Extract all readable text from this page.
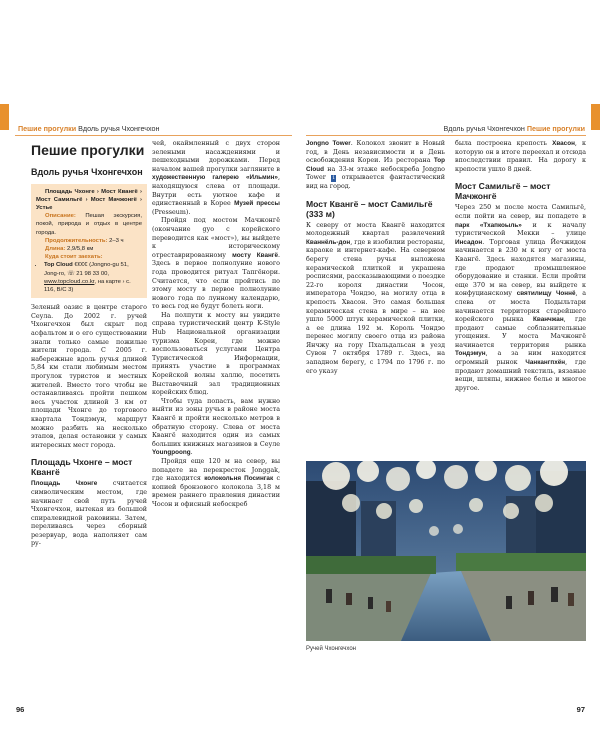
Пешие прогулки Вдоль ручья Чхонгечхон	Вдоль ручья Чхонгечхон Пешие прогулки
Пешие прогулки
Вдоль ручья Чхонгечхон

Площадь Чхонге › Мост Квангё › Мост Самильгё › Мост Мачжонгё › Устье

Описание: Пешая экскурсия, покой, природа и отдых в центре города.

Продолжительность: 2–3 ч

Длина: 2,9/5,8 км

Куда стоит заехать:

• Top Cloud €€€€ (Jongno-gu 51, Jong-ro, ☏ 21 98 33 00, www.topcloud.co.kr, на карте › с. 116, В/С 3)

Зеленый оазис в центре старого Сеула. До 2002 г. ручей Чхонгечхон был скрыт под асфальтом и о его существовании знали только самые пожилые жители города. С 2005 г. набережные вдоль ручья длиной 5,84 км стали любимым местом прогулок туристов и местных жителей. Вместо того чтобы не останавливаясь пройти пешком весь участок длиной 3 км от площади Чхонге до торгового квартала Тондэмун, маршрут можно разбить на несколько этапов, делая остановки у самых интересных мест города.

Площадь Чхонге – мост Квангё

Площадь Чхонге считается символическим местом, где начинает свой путь ручей Чхонгечхон, вытекая из большой спиралевидной раковины. Затем, переливаясь через сборный резервуар, вода наполняет сам ру-

чей, окаймленный с двух сторон зелеными насаждениями и пешеходными дорожками. Перед началом вашей прогулки загляните в художественную галерею «Ильмин», находящуюся слева от площади. Внутри есть уютное кафе и единственный в Корее Музей прессы (Presseum).

Пройдя под мостом Мачжонгё (окончание gyo с корейского переводится как «мост»), вы выйдете к историческому отреставрированному мосту Квангё. Здесь в первое полнолуние нового года проводится ритуал Тапгёнори. Считается, что если пройтись по этому мосту в первое полнолуние нового года по лунному календарю, то весь год не будут болеть ноги.

На полпути к мосту вы увидите справа туристический центр K-Style Hub Национальной организации туризма Кореи, где можно воспользоваться услугами Центра Туристической Информации, принять участие в программах Корейской волны халлю, посетить Выставочный зал традиционных корейских блюд.

Чтобы туда попасть, вам нужно выйти из зоны ручья в районе моста Квангё и пройти несколько метров в обратную сторону. Слева от моста Квангё находится один из самых больших книжных магазинов в Сеуле Youngpoong.

Пройдя еще 120 м на север, вы попадете на перекресток Jonggak, где находится колокольня Посингак с копией бронзового колокола 3,18 м времен раннего правления династии Чосон и офисный небоскреб

Jongno Tower. Колокол звонит в Новый год, в День независимости и в День освобождения Кореи. Из ресторана Top Cloud на 33-м этаже небоскреба Jongno Tower 1 открывается фантастический вид на город.

Мост Квангё – мост Самильгё (333 м)

К северу от моста Квангё находится молодежный квартал развлечений Кваннёль-дон, где в изобилии рестораны, караоке и интернет-кафе. На северном берегу стена ручья выложена керамической плиткой и украшена росписями, рассказывающими о поездке 22-го короля династии Чосон, императора Чондэо, на могилу отца в крепость Хвасон. Это самая большая керамическая стена в мире – на нее ушло 5000 штук керамической плитки, а ее длина 192 м. Король Чондэо перенес могилу своего отца из района Янчжу на гору Пхальдальсан в уезд Сувон 7 октября 1789 г. Здесь, на западном берегу, с 1794 по 1796 г. по его указу

была построена крепость Хвасон, к которую он в итоге переехал и отсюда впоследствии правил. На дорогу к крепости ушло 8 дней.

Мост Самильгё – мост Мачжонгё

Через 250 м после моста Самильгё, если пойти на север, вы попадете в парк «Тхапкоыль» и к началу туристической Мекки – улице Инсадон. Торговая улица Йечжидон начинается в 230 м к югу от моста Квангё. Здесь находятся магазины, где продают промышленное оборудование и станки. Если пройти еще 370 м на север, вы выйдете к конфуцианскому святилищу Чоннё, а слева от моста Подыльтари начинается территория старейшего корейского рынка Кванчжан, где продают самые соблазнительные угощения. У моста Мачжонгё начинается территория рынка Тондэмун, а за ним находится огромный рынок Чанкангпхён, где продают домашний текстиль, вязаные вещи, шляпы, нижнее белье и многое другое.

Ручей Чхонгечхон
96	97
